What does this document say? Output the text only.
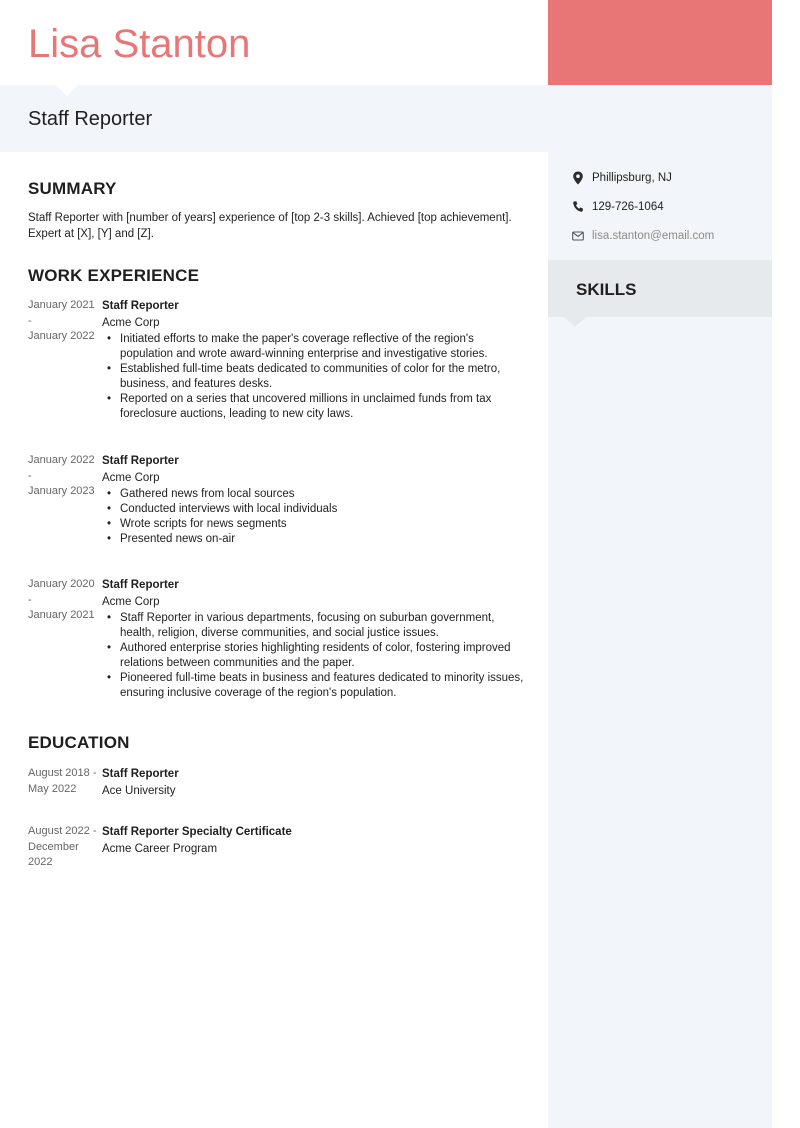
Lisa Stanton
Staff Reporter
SUMMARY
Staff Reporter with [number of years] experience of [top 2-3 skills]. Achieved [top achievement]. Expert at [X], [Y] and [Z].
WORK EXPERIENCE
January 2021
-
January 2022
Staff Reporter
Acme Corp
• Initiated efforts to make the paper's coverage reflective of the region's population and wrote award-winning enterprise and investigative stories.
• Established full-time beats dedicated to communities of color for the metro, business, and features desks.
• Reported on a series that uncovered millions in unclaimed funds from tax foreclosure auctions, leading to new city laws.
January 2022
-
January 2023
Staff Reporter
Acme Corp
• Gathered news from local sources
• Conducted interviews with local individuals
• Wrote scripts for news segments
• Presented news on-air
January 2020
-
January 2021
Staff Reporter
Acme Corp
• Staff Reporter in various departments, focusing on suburban government, health, religion, diverse communities, and social justice issues.
• Authored enterprise stories highlighting residents of color, fostering improved relations between communities and the paper.
• Pioneered full-time beats in business and features dedicated to minority issues, ensuring inclusive coverage of the region's population.
EDUCATION
August 2018 -
May 2022
Staff Reporter
Ace University
August 2022 -
December 2022
Staff Reporter Specialty Certificate
Acme Career Program
Phillipsburg, NJ
129-726-1064
lisa.stanton@email.com
SKILLS
